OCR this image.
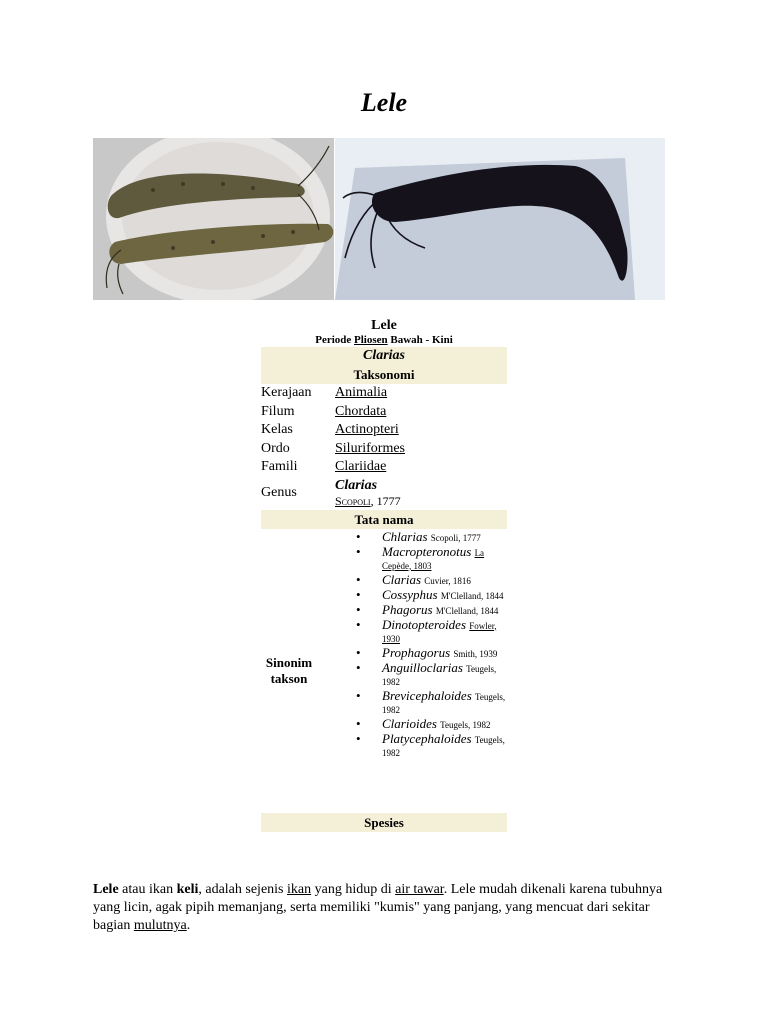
Lele
Lele
Periode Pliosen Bawah - Kini
Clarias
Taksonomi
Kerajaan	Animalia
Filum	Chordata
Kelas	Actinopteri
Ordo	Siluriformes
Famili	Clariidae
Genus	Clarias
Scopoli, 1777
Tata nama
Sinonim takson
• Chlarias Scopoli, 1777
• Macropteronotus La Cepède, 1803
• Clarias Cuvier, 1816
• Cossyphus M'Clelland, 1844
• Phagorus M'Clelland, 1844
• Dinotopteroides Fowler, 1930
• Prophagorus Smith, 1939
• Anguilloclarias Teugels, 1982
• Brevicephaloides Teugels, 1982
• Clarioides Teugels, 1982
• Platycephaloides Teugels, 1982
Spesies

Lele atau ikan keli, adalah sejenis ikan yang hidup di air tawar. Lele mudah dikenali karena tubuhnya yang licin, agak pipih memanjang, serta memiliki "kumis" yang panjang, yang mencuat dari sekitar bagian mulutnya.
